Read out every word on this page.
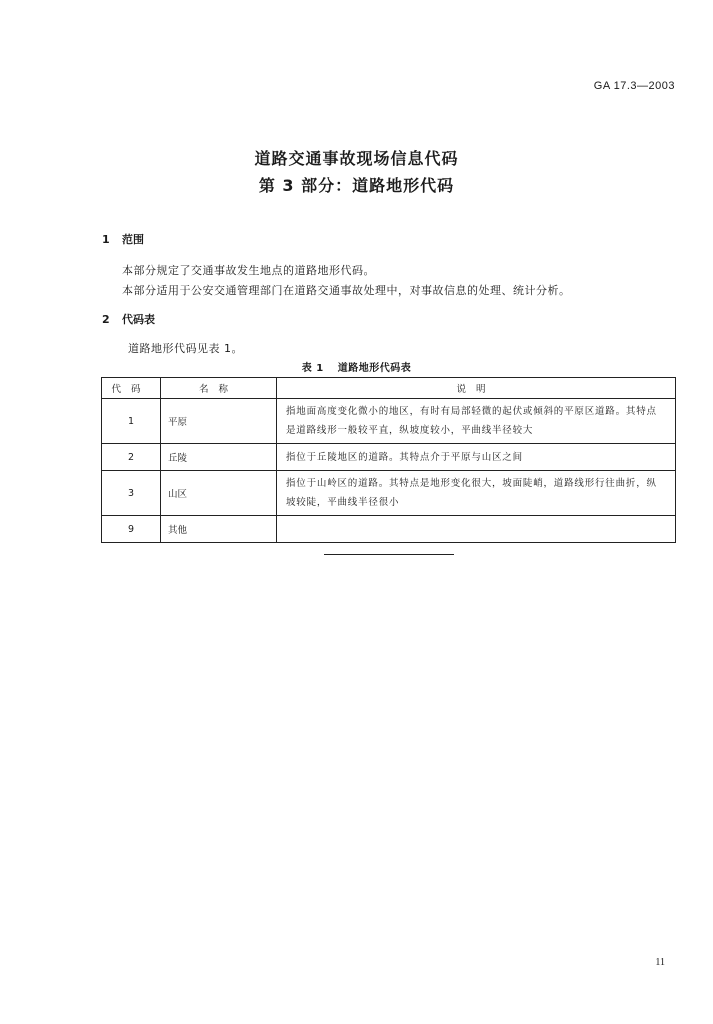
GA 17.3—2003
道路交通事故现场信息代码
第 3 部分：道路地形代码
1 范围
本部分规定了交通事故发生地点的道路地形代码。
本部分适用于公安交通管理部门在道路交通事故处理中，对事故信息的处理、统计分析。
2 代码表
道路地形代码见表 1。
表 1 道路地形代码表
代码	名称	说明
1	平原	指地面高度变化微小的地区，有时有局部轻微的起伏或倾斜的平原区道路。其特点是道路线形一般较平直，纵坡度较小，平曲线半径较大
2	丘陵	指位于丘陵地区的道路。其特点介于平原与山区之间
3	山区	指位于山岭区的道路。其特点是地形变化很大，坡面陡峭，道路线形行往曲折，纵坡较陡，平曲线半径很小
9	其他	
11
